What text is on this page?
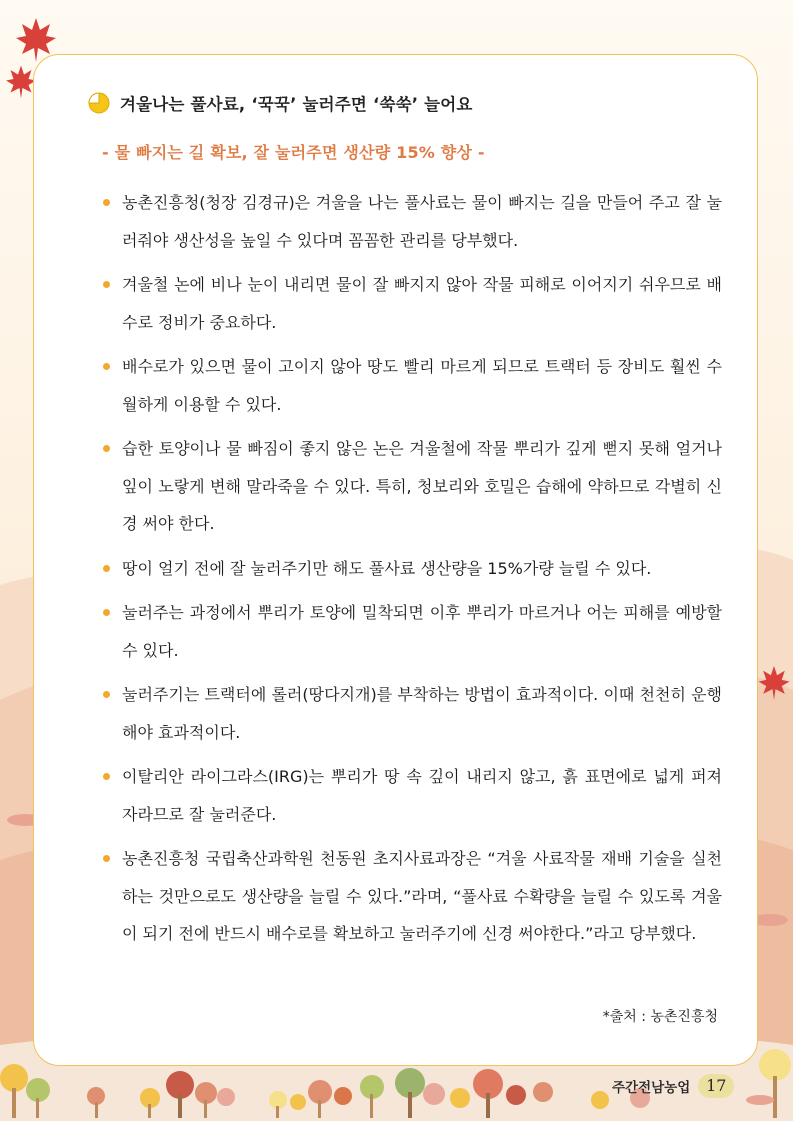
겨울나는 풀사료, ‘꾹꾹’ 눌러주면 ‘쑥쑥’ 늘어요
- 물 빠지는 길 확보, 잘 눌러주면 생산량 15% 향상 -
농촌진흥청(청장 김경규)은 겨울을 나는 풀사료는 물이 빠지는 길을 만들어 주고 잘 눌러줘야 생산성을 높일 수 있다며 꼼꼼한 관리를 당부했다.
겨울철 논에 비나 눈이 내리면 물이 잘 빠지지 않아 작물 피해로 이어지기 쉬우므로 배수로 정비가 중요하다.
배수로가 있으면 물이 고이지 않아 땅도 빨리 마르게 되므로 트랙터 등 장비도 훨씬 수월하게 이용할 수 있다.
습한 토양이나 물 빠짐이 좋지 않은 논은 겨울철에 작물 뿌리가 깊게 뻗지 못해 얼거나 잎이 노랗게 변해 말라죽을 수 있다. 특히, 청보리와 호밀은 습해에 약하므로 각별히 신경 써야 한다.
땅이 얼기 전에 잘 눌러주기만 해도 풀사료 생산량을 15%가량 늘릴 수 있다.
눌러주는 과정에서 뿌리가 토양에 밀착되면 이후 뿌리가 마르거나 어는 피해를 예방할 수 있다.
눌러주기는 트랙터에 롤러(땅다지개)를 부착하는 방법이 효과적이다. 이때 천천히 운행해야 효과적이다.
이탈리안 라이그라스(IRG)는 뿌리가 땅 속 깊이 내리지 않고, 흙 표면에로 넓게 퍼져 자라므로 잘 눌러준다.
농촌진흥청 국립축산과학원 천동원 초지사료과장은 “겨울 사료작물 재배 기술을 실천하는 것만으로도 생산량을 늘릴 수 있다.”라며, “풀사료 수확량을 늘릴 수 있도록 겨울이 되기 전에 반드시 배수로를 확보하고 눌러주기에 신경 써야한다.”라고 당부했다.
*출처 : 농촌진흥청
주간전남농업 17
